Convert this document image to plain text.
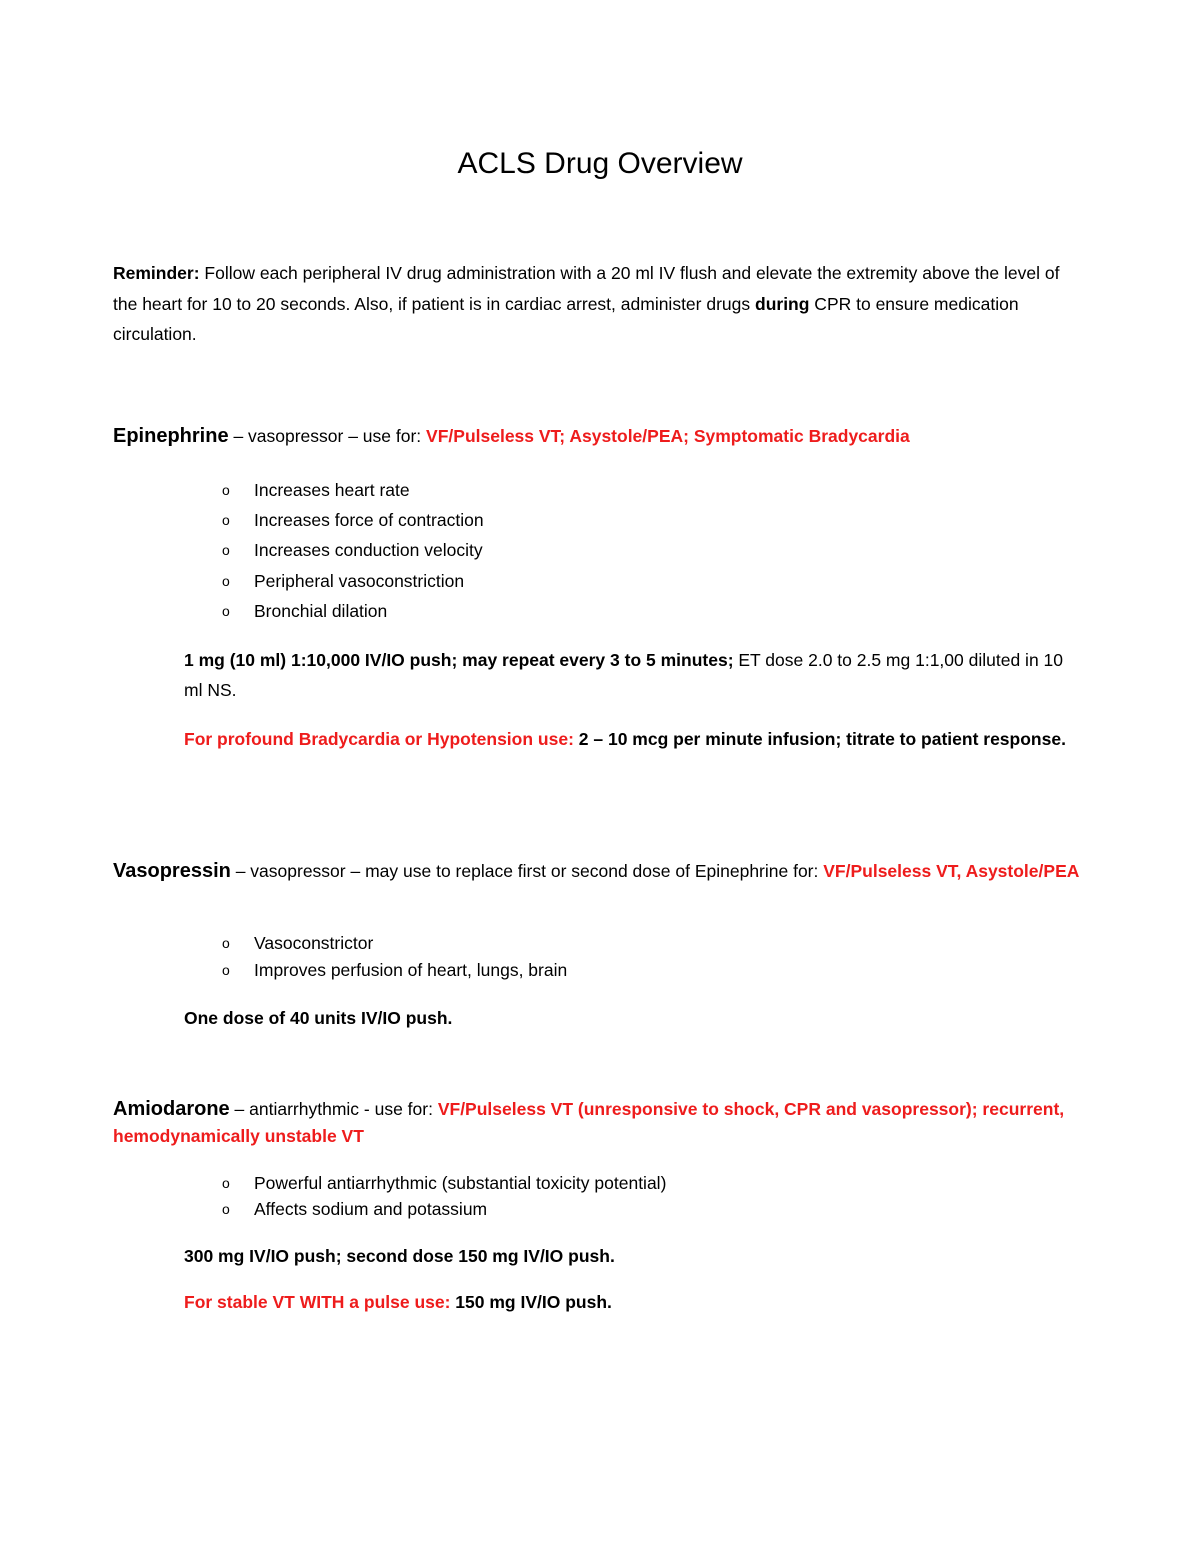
ACLS Drug Overview

Reminder: Follow each peripheral IV drug administration with a 20 ml IV flush and elevate the extremity above the level of the heart for 10 to 20 seconds. Also, if patient is in cardiac arrest, administer drugs during CPR to ensure medication circulation.

Epinephrine – vasopressor – use for: VF/Pulseless VT; Asystole/PEA; Symptomatic Bradycardia

o Increases heart rate
o Increases force of contraction
o Increases conduction velocity
o Peripheral vasoconstriction
o Bronchial dilation

1 mg (10 ml) 1:10,000 IV/IO push; may repeat every 3 to 5 minutes; ET dose 2.0 to 2.5 mg 1:1,00 diluted in 10 ml NS.

For profound Bradycardia or Hypotension use: 2 – 10 mcg per minute infusion; titrate to patient response.

Vasopressin – vasopressor – may use to replace first or second dose of Epinephrine for: VF/Pulseless VT, Asystole/PEA

o Vasoconstrictor
o Improves perfusion of heart, lungs, brain

One dose of 40 units IV/IO push.

Amiodarone – antiarrhythmic - use for: VF/Pulseless VT (unresponsive to shock, CPR and vasopressor); recurrent, hemodynamically unstable VT

o Powerful antiarrhythmic (substantial toxicity potential)
o Affects sodium and potassium

300 mg IV/IO push; second dose 150 mg IV/IO push.

For stable VT WITH a pulse use: 150 mg IV/IO push.
